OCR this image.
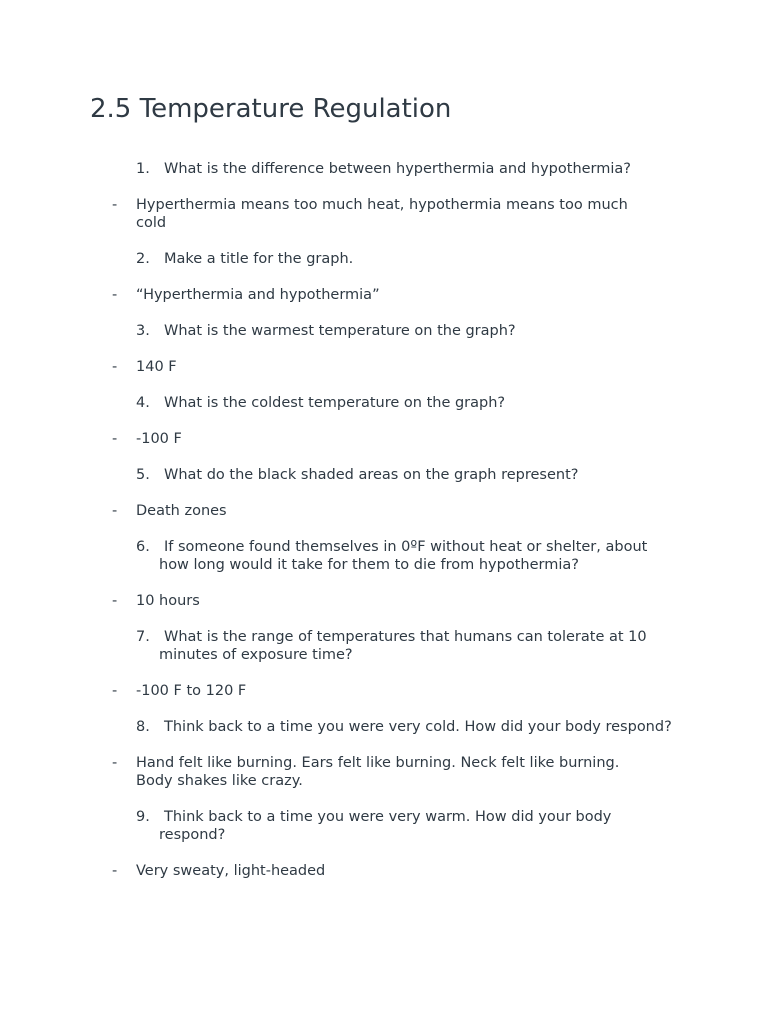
2.5 Temperature Regulation
1. What is the difference between hyperthermia and hypothermia?
- Hyperthermia means too much heat, hypothermia means too much cold
2. Make a title for the graph.
- “Hyperthermia and hypothermia”
3. What is the warmest temperature on the graph?
- 140 F
4. What is the coldest temperature on the graph?
- -100 F
5. What do the black shaded areas on the graph represent?
- Death zones
6. If someone found themselves in 0ºF without heat or shelter, about how long would it take for them to die from hypothermia?
- 10 hours
7. What is the range of temperatures that humans can tolerate at 10 minutes of exposure time?
- -100 F to 120 F
8. Think back to a time you were very cold. How did your body respond?
- Hand felt like burning. Ears felt like burning. Neck felt like burning. Body shakes like crazy.
9. Think back to a time you were very warm. How did your body respond?
- Very sweaty, light-headed
